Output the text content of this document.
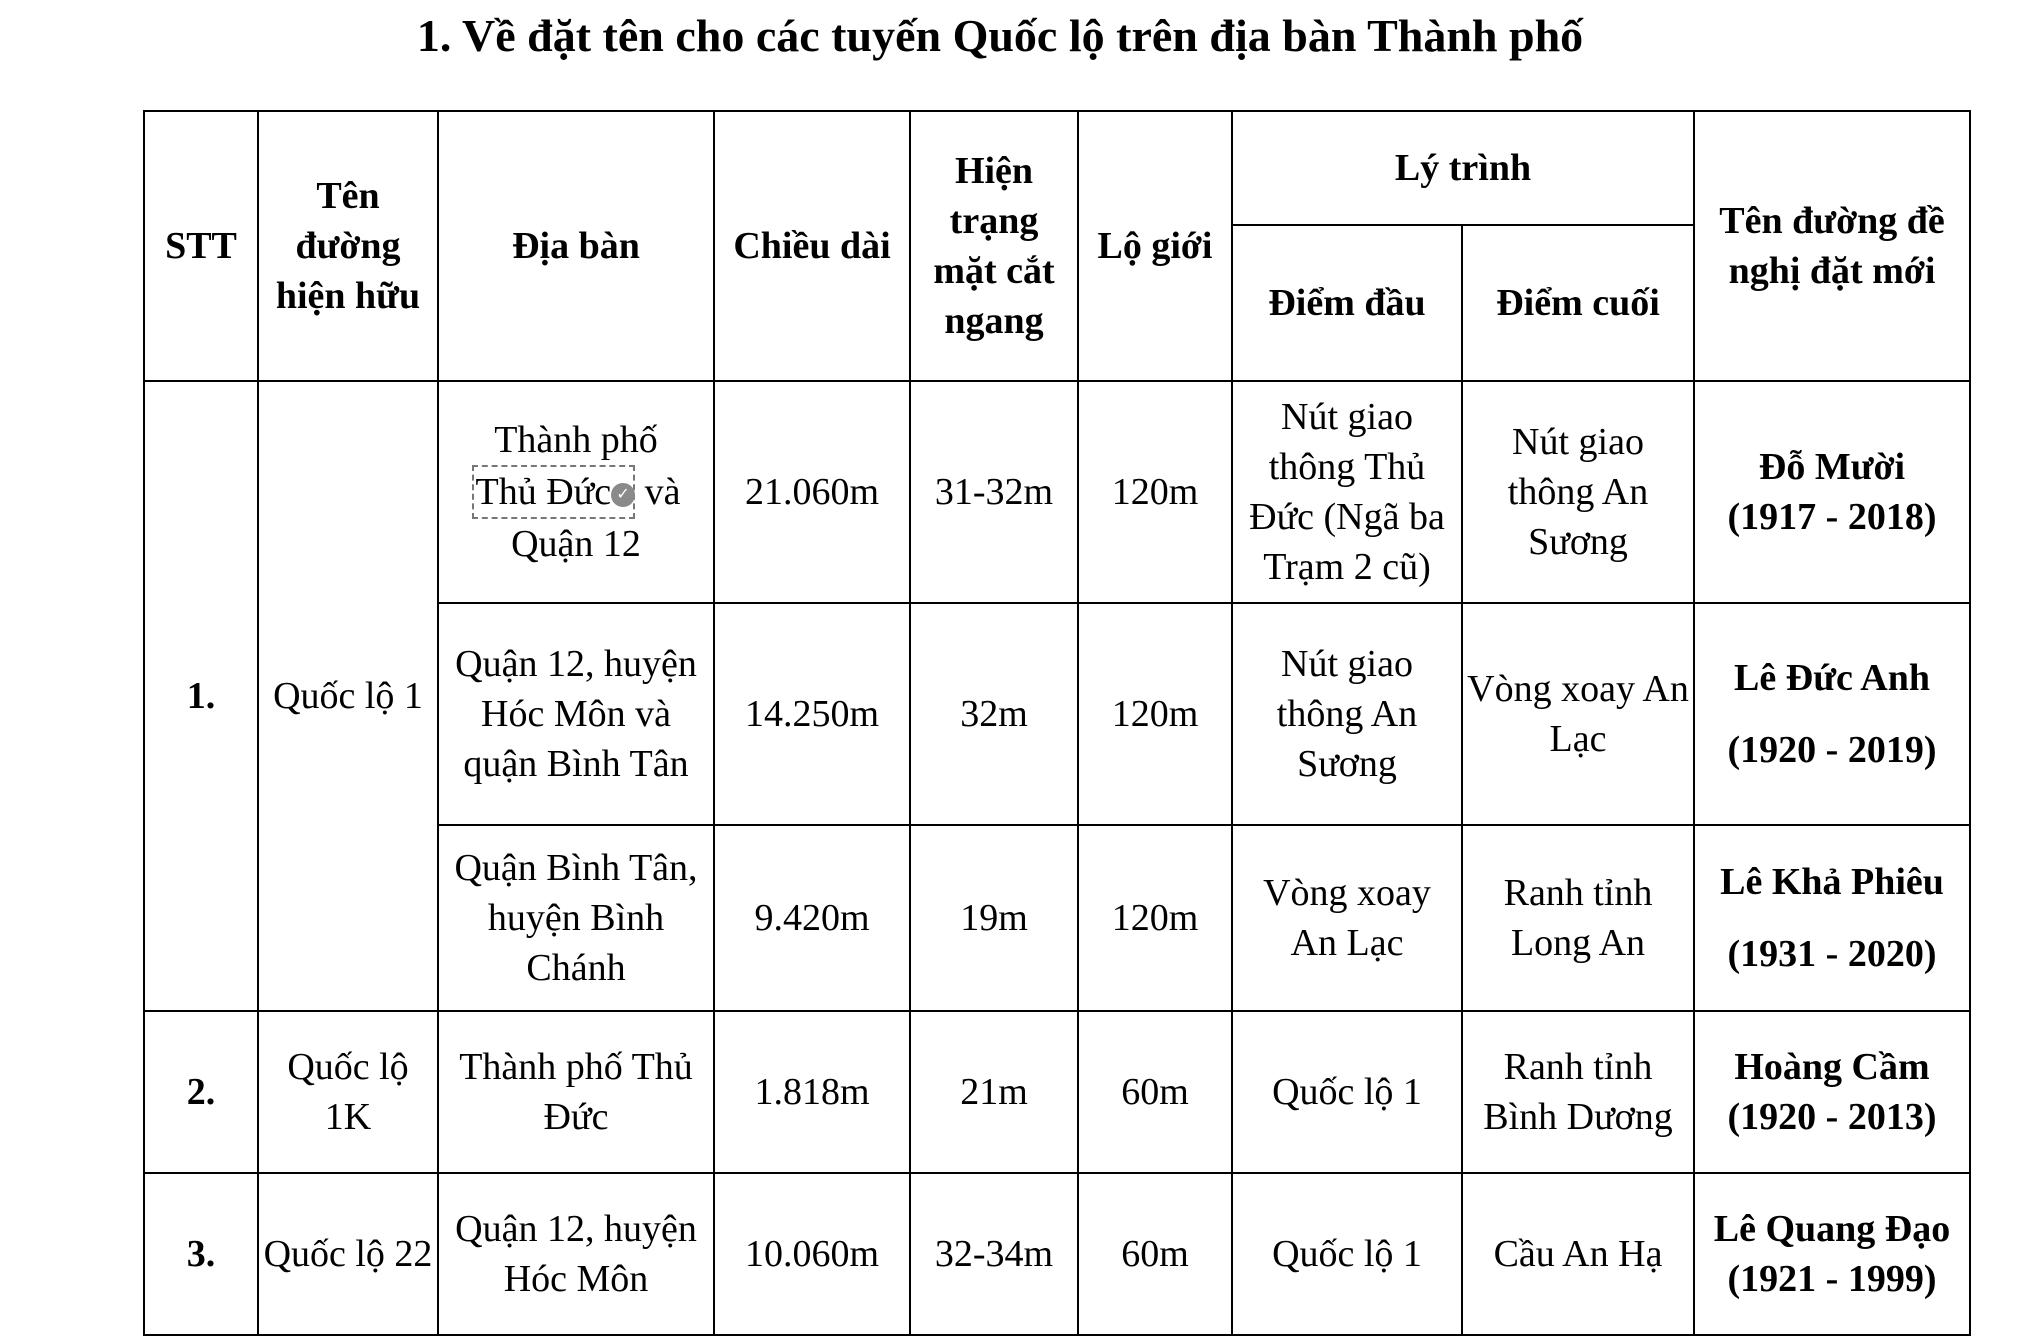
1. Về đặt tên cho các tuyến Quốc lộ trên địa bàn Thành phố
STT	Tên đường hiện hữu	Địa bàn	Chiều dài	Hiện trạng mặt cắt ngang	Lộ giới	Lý trình		Tên đường đề nghị đặt mới
						Điểm đầu	Điểm cuối	
1.	Quốc lộ 1	Thành phố Thủ Đức ✓ và Quận 12	21.060m	31-32m	120m	Nút giao thông Thủ Đức (Ngã ba Trạm 2 cũ)	Nút giao thông An Sương	Đỗ Mười
(1917 - 2018)

		Quận 12, huyện Hóc Môn và quận Bình Tân	14.250m	32m	120m	Nút giao thông An Sương	Vòng xoay An Lạc	Lê Đức Anh
(1920 - 2019)

		Quận Bình Tân, huyện Bình Chánh	9.420m	19m	120m	Vòng xoay An Lạc	Ranh tỉnh Long An	Lê Khả Phiêu
(1931 - 2020)

2.	Quốc lộ 1K	Thành phố Thủ Đức	1.818m	21m	60m	Quốc lộ 1	Ranh tỉnh Bình Dương	Hoàng Cầm
(1920 - 2013)

3.	Quốc lộ 22	Quận 12, huyện Hóc Môn	10.060m	32-34m	60m	Quốc lộ 1	Cầu An Hạ	Lê Quang Đạo
(1921 - 1999)
